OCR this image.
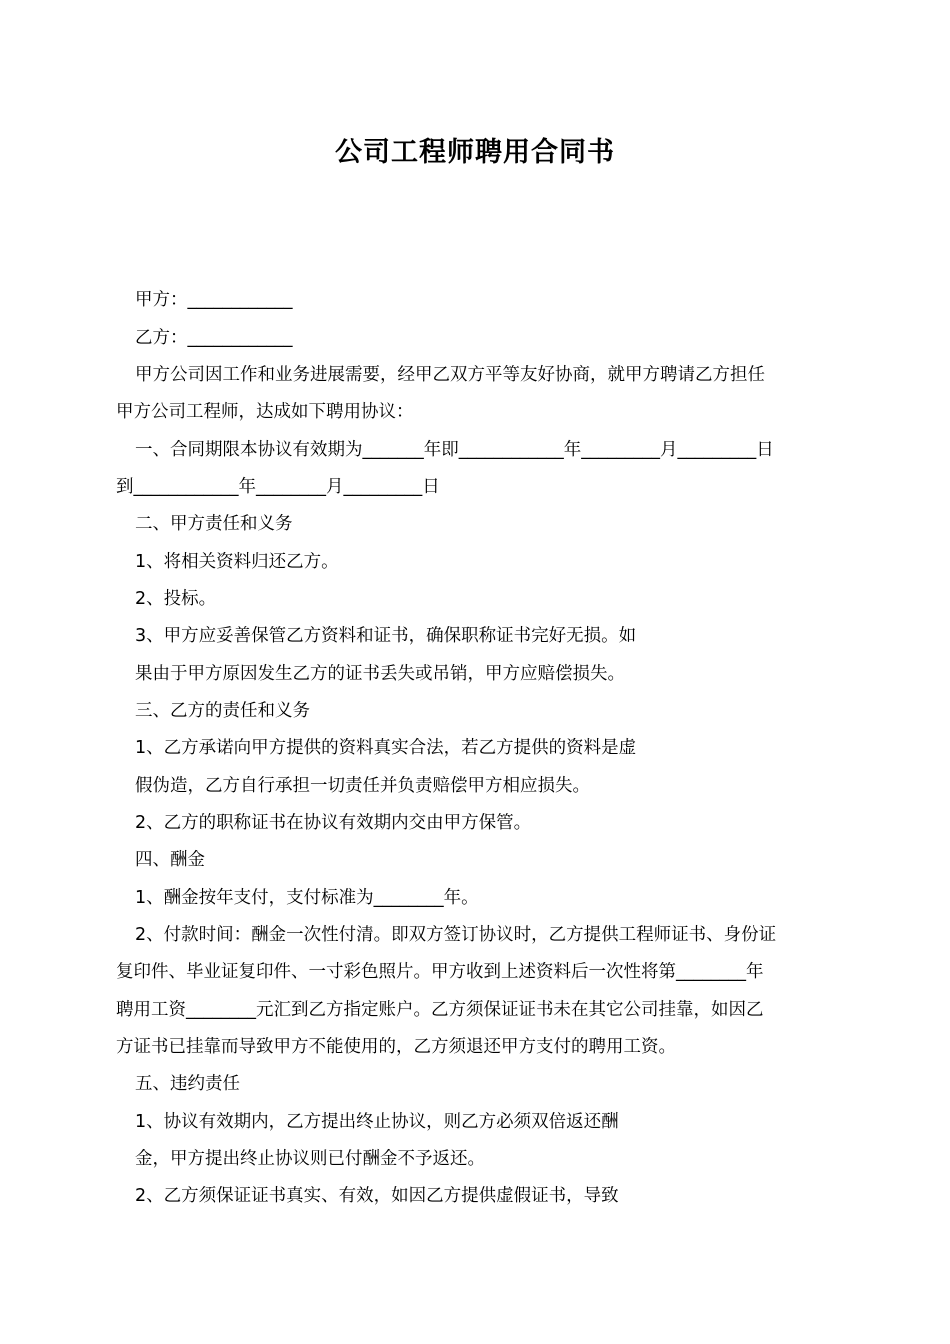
公司工程师聘用合同书
甲方：____________
乙方：____________
甲方公司因工作和业务进展需要，经甲乙双方平等友好协商，就甲方聘请乙方担任
甲方公司工程师，达成如下聘用协议：
一、合同期限本协议有效期为_______年即____________年_________月_________日
到____________年________月_________日
二、甲方责任和义务
1、将相关资料归还乙方。
2、投标。
3、甲方应妥善保管乙方资料和证书，确保职称证书完好无损。如
果由于甲方原因发生乙方的证书丢失或吊销，甲方应赔偿损失。
三、乙方的责任和义务
1、乙方承诺向甲方提供的资料真实合法，若乙方提供的资料是虚
假伪造，乙方自行承担一切责任并负责赔偿甲方相应损失。
2、乙方的职称证书在协议有效期内交由甲方保管。
四、酬金
1、酬金按年支付，支付标准为________年。
2、付款时间：酬金一次性付清。即双方签订协议时，乙方提供工程师证书、身份证
复印件、毕业证复印件、一寸彩色照片。甲方收到上述资料后一次性将第________年
聘用工资________元汇到乙方指定账户。乙方须保证证书未在其它公司挂靠，如因乙
方证书已挂靠而导致甲方不能使用的，乙方须退还甲方支付的聘用工资。
五、违约责任
1、协议有效期内，乙方提出终止协议，则乙方必须双倍返还酬
金，甲方提出终止协议则已付酬金不予返还。
2、乙方须保证证书真实、有效，如因乙方提供虚假证书，导致
